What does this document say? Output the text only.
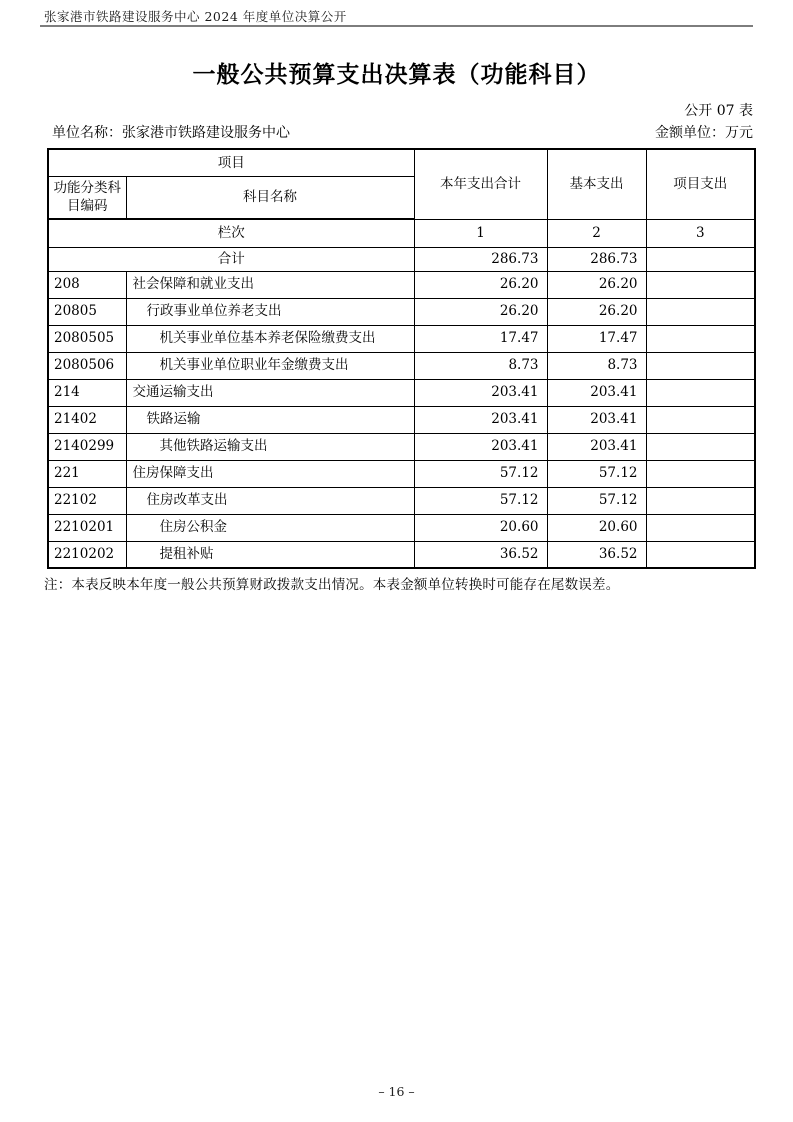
张家港市铁路建设服务中心 2024 年度单位决算公开
一般公共预算支出决算表（功能科目）
公开 07 表
单位名称：张家港市铁路建设服务中心	金额单位：万元
项目		本年支出合计	基本支出	项目支出
功能分类科目编码	科目名称			
栏次		1	2	3
合计		286.73	286.73	
208	社会保障和就业支出	26.20	26.20	
20805	行政事业单位养老支出	26.20	26.20	
2080505	机关事业单位基本养老保险缴费支出	17.47	17.47	
2080506	机关事业单位职业年金缴费支出	8.73	8.73	
214	交通运输支出	203.41	203.41	
21402	铁路运输	203.41	203.41	
2140299	其他铁路运输支出	203.41	203.41	
221	住房保障支出	57.12	57.12	
22102	住房改革支出	57.12	57.12	
2210201	住房公积金	20.60	20.60	
2210202	提租补贴	36.52	36.52	
注：本表反映本年度一般公共预算财政拨款支出情况。本表金额单位转换时可能存在尾数误差。
– 16 –
